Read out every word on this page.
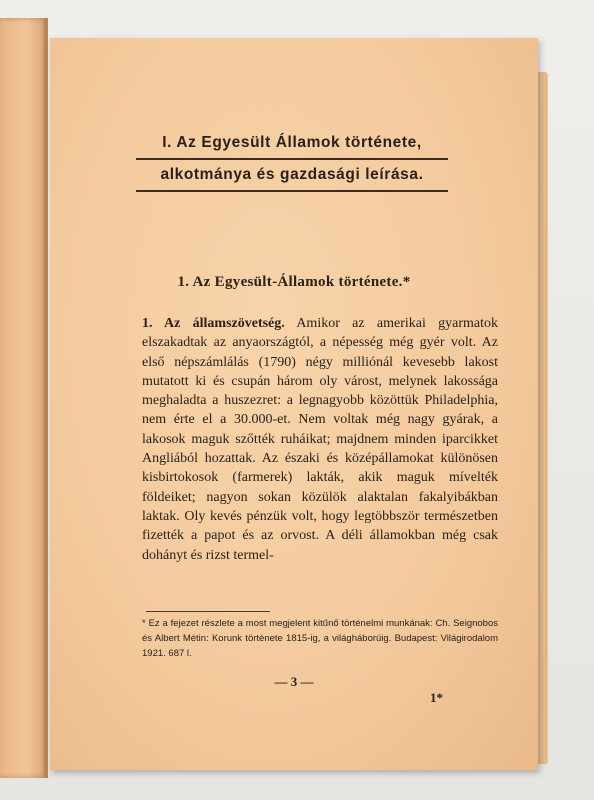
I. Az Egyesült Államok története,
alkotmánya és gazdasági leírása.
1. Az Egyesült-Államok története.*
1. Az államszövetség. Amikor az amerikai gyarmatok elszakadtak az anyaországtól, a népesség még gyér volt. Az első népszámlálás (1790) négy milliónál kevesebb lakost mutatott ki és csupán három oly várost, melynek lakossága meghaladta a huszezret: a legnagyobb közöttük Philadelphia, nem érte el a 30.000-et. Nem voltak még nagy gyárak, a lakosok maguk szőtték ruháikat; majdnem minden iparcikket Angliából hozattak. Az északi és középállamokat különösen kisbirtokosok (farmerek) lakták, akik maguk mívelték földeiket; nagyon sokan közülök alaktalan fakalyibákban laktak. Oly kevés pénzük volt, hogy legtöbbször természetben fizették a papot és az orvost. A déli államokban még csak dohányt és rizst termel-
* Ez a fejezet részlete a most megjelent kitűnő történelmi munkának: Ch. Seignobos és Albert Métin: Korunk története 1815-ig, a világháborúig. Budapest: Világirodalom 1921. 687 l.
— 3 —
1*
